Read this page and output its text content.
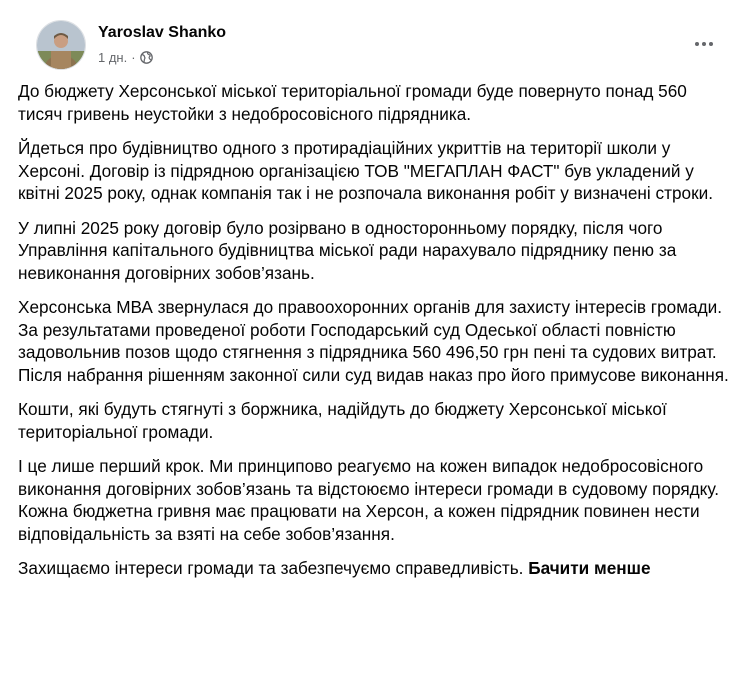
Yaroslav Shanko
1 дн. ·

До бюджету Херсонської міської територіальної громади буде повернуто понад 560 тисяч гривень неустойки з недобросовісного підрядника.

Йдеться про будівництво одного з протирадіаційних укриттів на території школи у Херсоні. Договір із підрядною організацією ТОВ "МЕГАПЛАН ФАСТ" був укладений у квітні 2025 року, однак компанія так і не розпочала виконання робіт у визначені строки.

У липні 2025 року договір було розірвано в односторонньому порядку, після чого Управління капітального будівництва міської ради нарахувало підряднику пеню за невиконання договірних зобов’язань.

Херсонська МВА звернулася до правоохоронних органів для захисту інтересів громади. За результатами проведеної роботи Господарський суд Одеської області повністю задовольнив позов щодо стягнення з підрядника 560 496,50 грн пені та судових витрат. Після набрання рішенням законної сили суд видав наказ про його примусове виконання.

Кошти, які будуть стягнуті з боржника, надійдуть до бюджету Херсонської міської територіальної громади.

І це лише перший крок. Ми принципово реагуємо на кожен випадок недобросовісного виконання договірних зобов’язань та відстоюємо інтереси громади в судовому порядку. Кожна бюджетна гривня має працювати на Херсон, а кожен підрядник повинен нести відповідальність за взяті на себе зобов’язання.

Захищаємо інтереси громади та забезпечуємо справедливість. Бачити менше
